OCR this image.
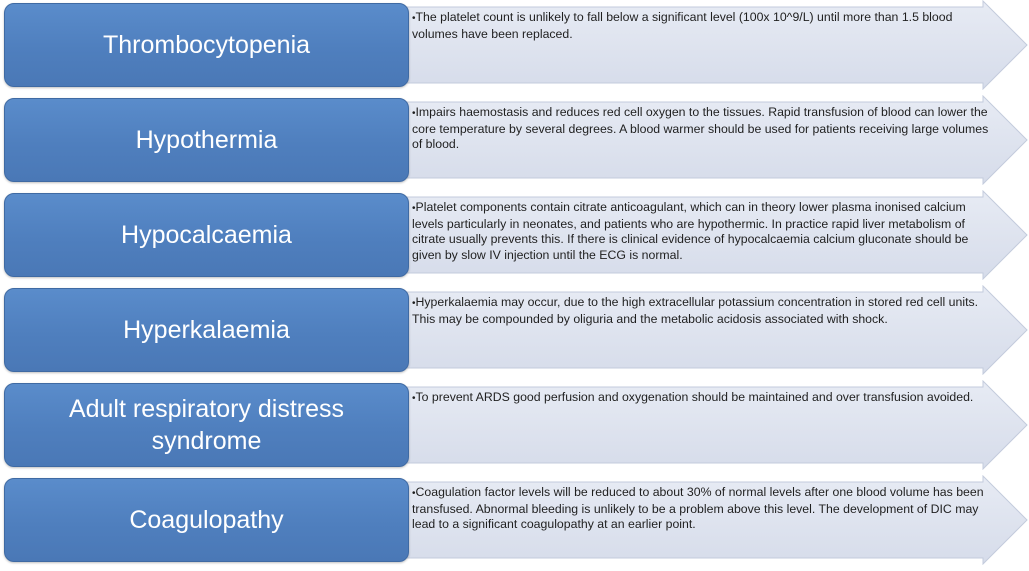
Thrombocytopenia
•The platelet count is unlikely to fall below a significant level (100x 10^9/L) until more than 1.5 blood volumes have been replaced.
Hypothermia
•Impairs haemostasis and reduces red cell oxygen to the tissues. Rapid transfusion of blood can lower the core temperature by several degrees. A blood warmer should be used for patients receiving large volumes of blood.
Hypocalcaemia
•Platelet components contain citrate anticoagulant, which can in theory lower plasma inonised calcium levels particularly in neonates, and patients who are hypothermic. In practice rapid liver metabolism of citrate usually prevents this. If there is clinical evidence of hypocalcaemia calcium gluconate should be given by slow IV injection until the ECG is normal.
Hyperkalaemia
•Hyperkalaemia may occur, due to the high extracellular potassium concentration in stored red cell units. This may be compounded by oliguria and the metabolic acidosis associated with shock.
Adult respiratory distress syndrome
•To prevent ARDS good perfusion and oxygenation should be maintained and over transfusion avoided.
Coagulopathy
•Coagulation factor levels will be reduced to about 30% of normal levels after one blood volume has been transfused. Abnormal bleeding is unlikely to be a problem above this level. The development of DIC may lead to a significant coagulopathy at an earlier point.
